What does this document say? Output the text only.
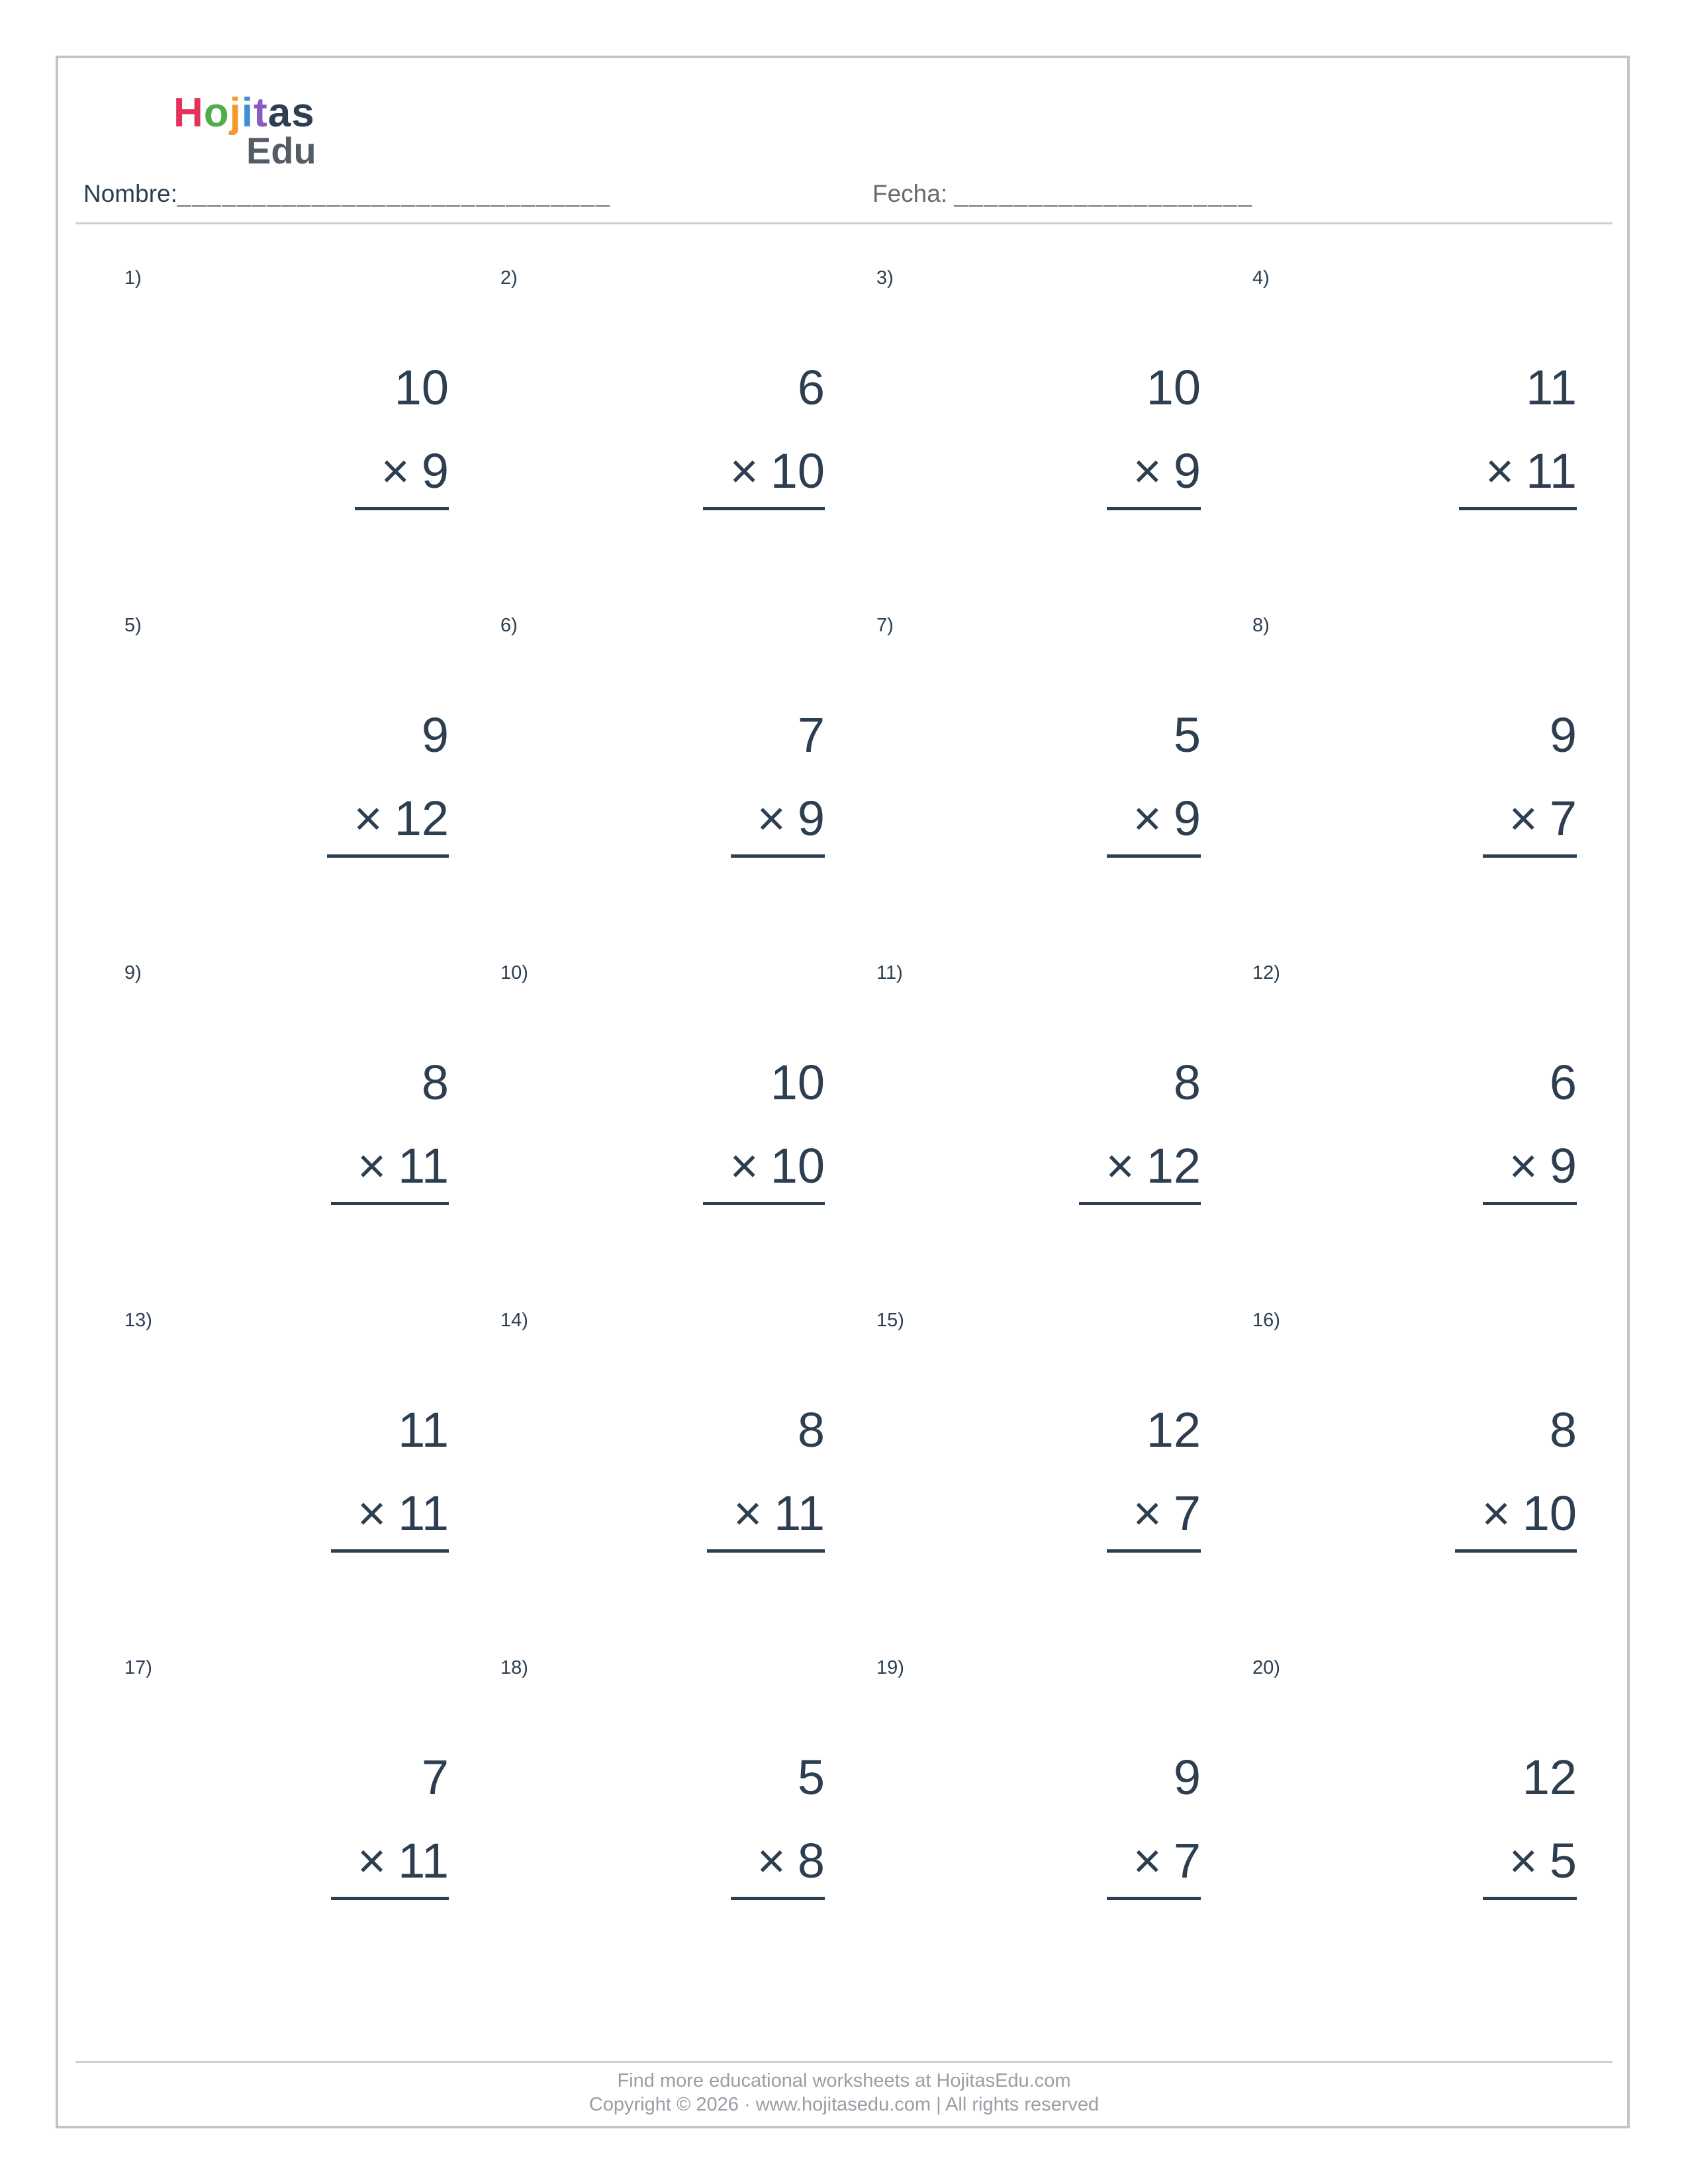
Hojitas
Edu
Nombre:_____________________________	Fecha: ____________________
1)
10

× 9
2)
6

× 10
3)
10

× 9
4)
11

× 11
5)
9

× 12
6)
7

× 9
7)
5

× 9
8)
9

× 7
9)
8

× 11
10)
10

× 10
11)
8

× 12
12)
6

× 9
13)
11

× 11
14)
8

× 11
15)
12

× 7
16)
8

× 10
17)
7

× 11
18)
5

× 8
19)
9

× 7
20)
12

× 5
Find more educational worksheets at HojitasEdu.com
Copyright © 2026 · www.hojitasedu.com | All rights reserved
